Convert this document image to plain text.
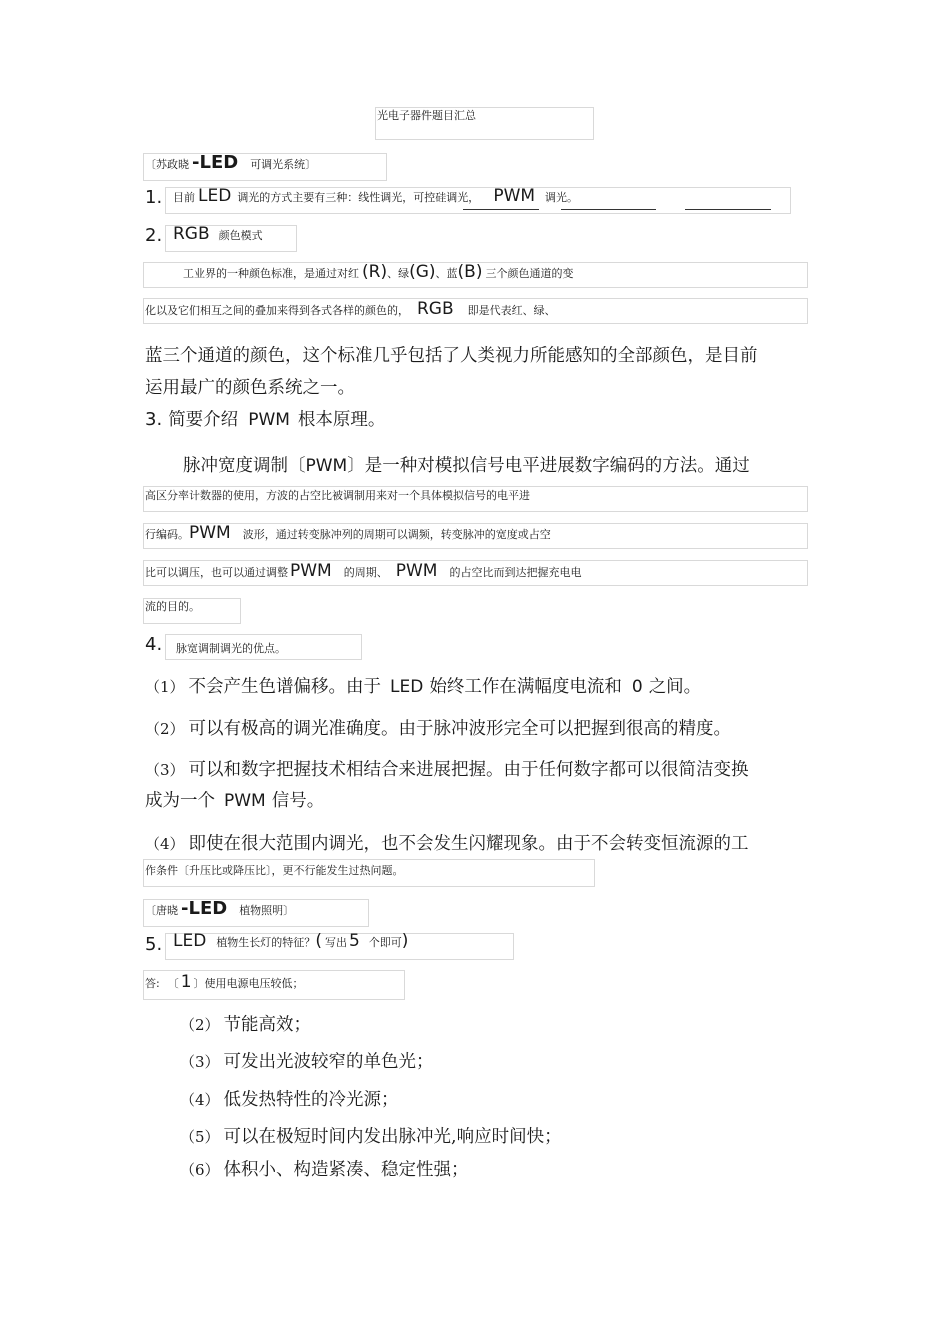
光电子器件题目汇总
〔苏政晓 -LED 可调光系统〕
1. 目前 LED 调光的方式主要有三种：线性调光，可控硅调光， PWM 调光。
2. RGB 颜色模式
工业界的一种颜色标准，是通过对红 (R)、绿(G)、蓝(B) 三个颜色通道的变
化以及它们相互之间的叠加来得到各式各样的颜色的， RGB 即是代表红、绿、
蓝三个通道的颜色，这个标准几乎包括了人类视力所能感知的全部颜色，是目前
运用最广的颜色系统之一。
3. 简要介绍 PWM 根本原理。
脉冲宽度调制〔PWM〕是一种对模拟信号电平进展数字编码的方法。通过
高区分率计数器的使用，方波的占空比被调制用来对一个具体模拟信号的电平进
行编码。PWM 波形，通过转变脉冲列的周期可以调频，转变脉冲的宽度或占空
比可以调压，也可以通过调整 PWM 的周期、 PWM 的占空比而到达把握充电电
流的目的。
4. 脉宽调制调光的优点。
（1） 不会产生色谱偏移。由于 LED 始终工作在满幅度电流和 0 之间。
（2） 可以有极高的调光准确度。由于脉冲波形完全可以把握到很高的精度。
（3） 可以和数字把握技术相结合来进展把握。由于任何数字都可以很简洁变换
成为一个 PWM 信号。
（4） 即使在很大范围内调光，也不会发生闪耀现象。由于不会转变恒流源的工
作条件〔升压比或降压比〕，更不行能发生过热问题。
〔唐晓 -LED 植物照明〕
5. LED 植物生长灯的特征？( 写出 5 个即可)
答: 〔 1 〕使用电源电压较低；
（2） 节能高效；
（3） 可发出光波较窄的单色光；
（4） 低发热特性的冷光源；
（5） 可以在极短时间内发出脉冲光,响应时间快；
（6） 体积小、构造紧凑、稳定性强；
